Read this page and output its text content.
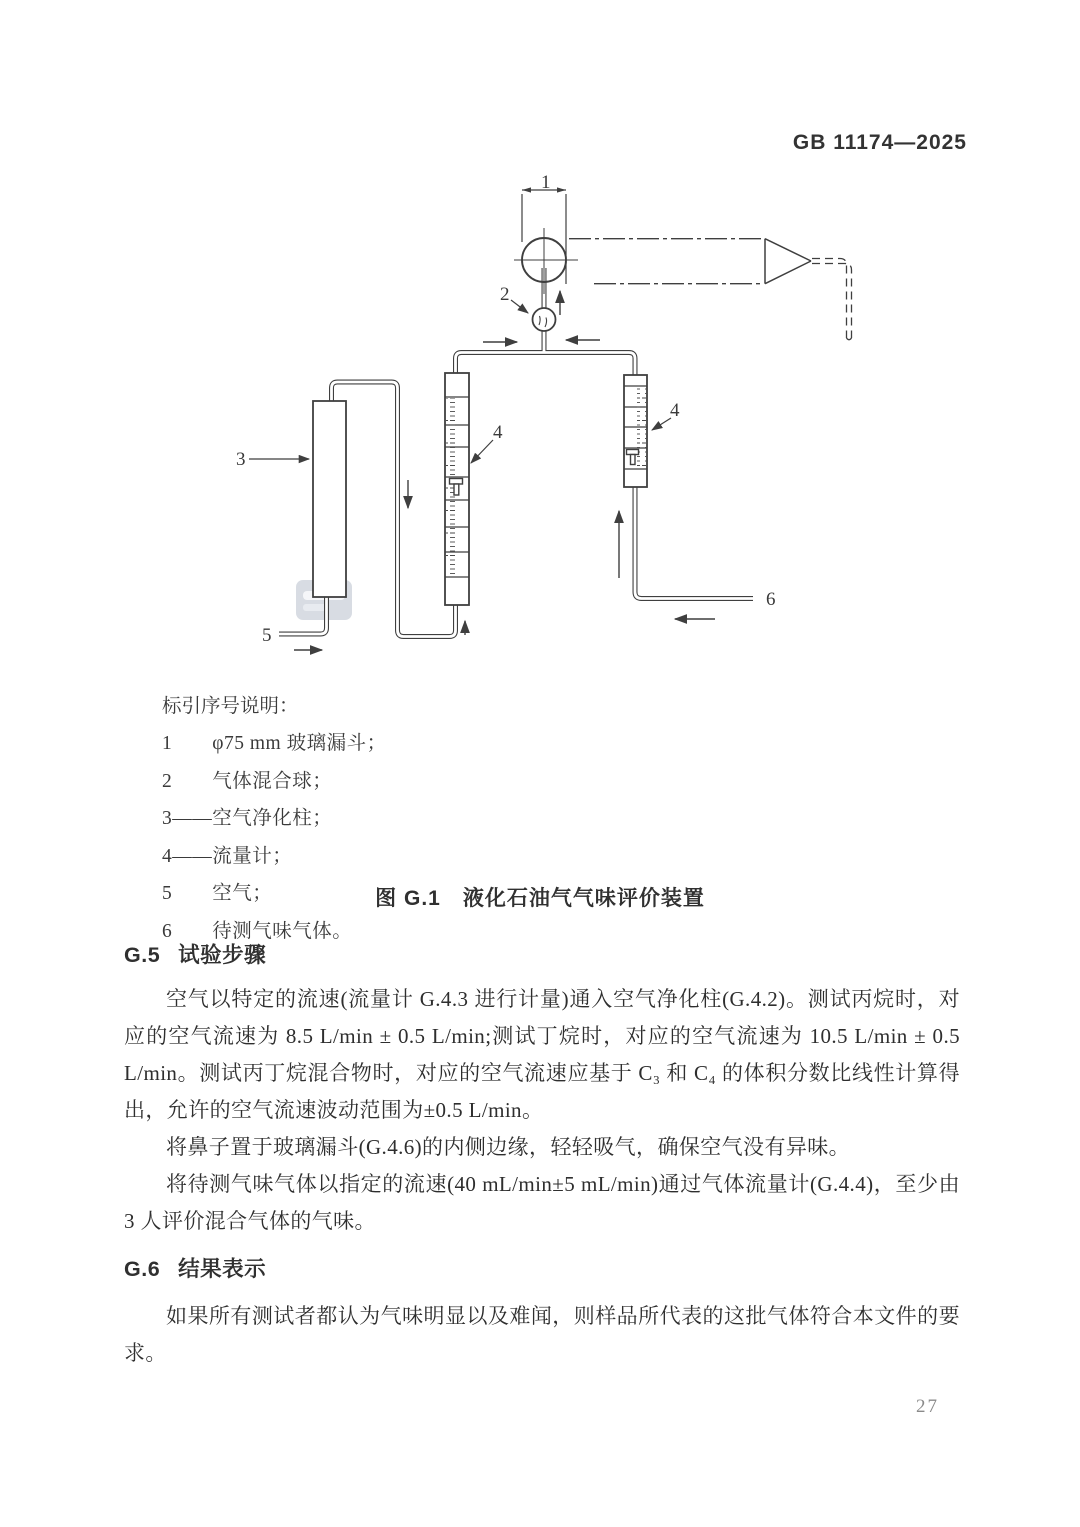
GB 11174—2025
1
2
3
4
4
5
6

标引序号说明：

1　　φ75 mm 玻璃漏斗；
2　　气体混合球；
3——空气净化柱；
4——流量计；
5　　空气；
6　　待测气味气体。
图 G.1　液化石油气气味评价装置
G.5 试验步骤

空气以特定的流速(流量计 G.4.3 进行计量)通入空气净化柱(G.4.2)。测试丙烷时，对应的空气流速为 8.5 L/min ± 0.5 L/min;测试丁烷时，对应的空气流速为 10.5 L/min ± 0.5 L/min。测试丙丁烷混合物时，对应的空气流速应基于 C₃ 和 C₄ 的体积分数比线性计算得出，允许的空气流速波动范围为±0.5 L/min。

将鼻子置于玻璃漏斗(G.4.6)的内侧边缘，轻轻吸气，确保空气没有异味。

将待测气味气体以指定的流速(40 mL/min±5 mL/min)通过气体流量计(G.4.4)，至少由 3 人评价混合气体的气味。

G.6 结果表示

如果所有测试者都认为气味明显以及难闻，则样品所代表的这批气体符合本文件的要求。

27
